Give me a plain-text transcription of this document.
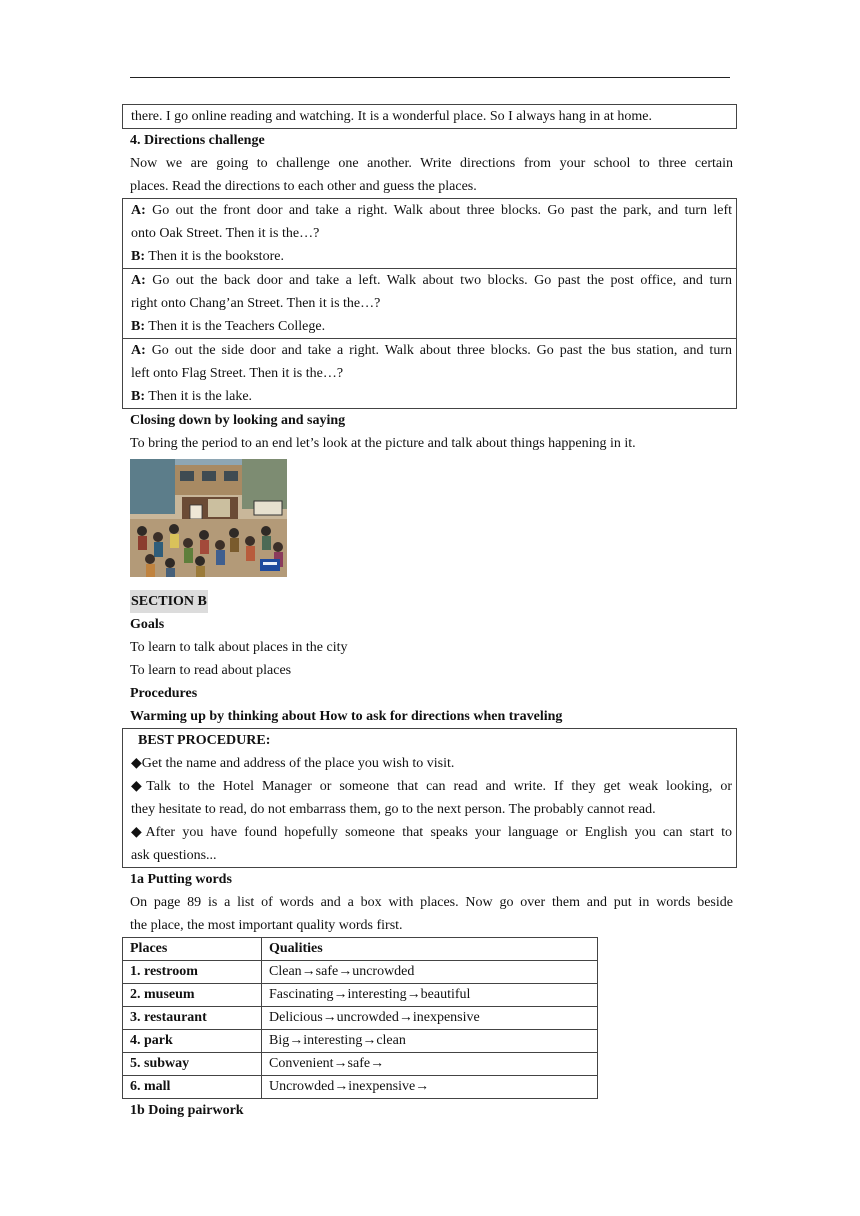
there. I go online reading and watching. It is a wonderful place. So I always hang in at home.
4. Directions challenge
Now we are going to challenge one another. Write directions from your school to three certain
places. Read the directions to each other and guess the places.
A: Go out the front door and take a right. Walk about three blocks. Go past the park, and turn left
onto Oak Street. Then it is the…?
B: Then it is the bookstore.
A: Go out the back door and take a left. Walk about two blocks. Go past the post office, and turn
right onto Chang’an Street. Then it is the…?
B: Then it is the Teachers College.
A: Go out the side door and take a right. Walk about three blocks. Go past the bus station, and turn
left onto Flag Street. Then it is the…?
B: Then it is the lake.
Closing down by looking and saying
To bring the period to an end let’s look at the picture and talk about things happening in it.
SECTION B
Goals
To learn to talk about places in the city
To learn to read about places
Procedures
Warming up by thinking about How to ask for directions when traveling
BEST PROCEDURE:
◆Get the name and address of the place you wish to visit.
◆Talk to the Hotel Manager or someone that can read and write. If they get weak looking, or
they hesitate to read, do not embarrass them, go to the next person. The probably cannot read.
◆After you have found hopefully someone that speaks your language or English you can start to
ask questions...
1a Putting words
On page 89 is a list of words and a box with places. Now go over them and put in words beside
the place, the most important quality words first.
Places	Qualities
1. restroom	Clean→safe→uncrowded
2. museum	Fascinating→interesting→beautiful
3. restaurant	Delicious→uncrowded→inexpensive
4. park	Big→interesting→clean
5. subway	Convenient→safe→
6. mall	Uncrowded→inexpensive→
1b Doing pairwork
